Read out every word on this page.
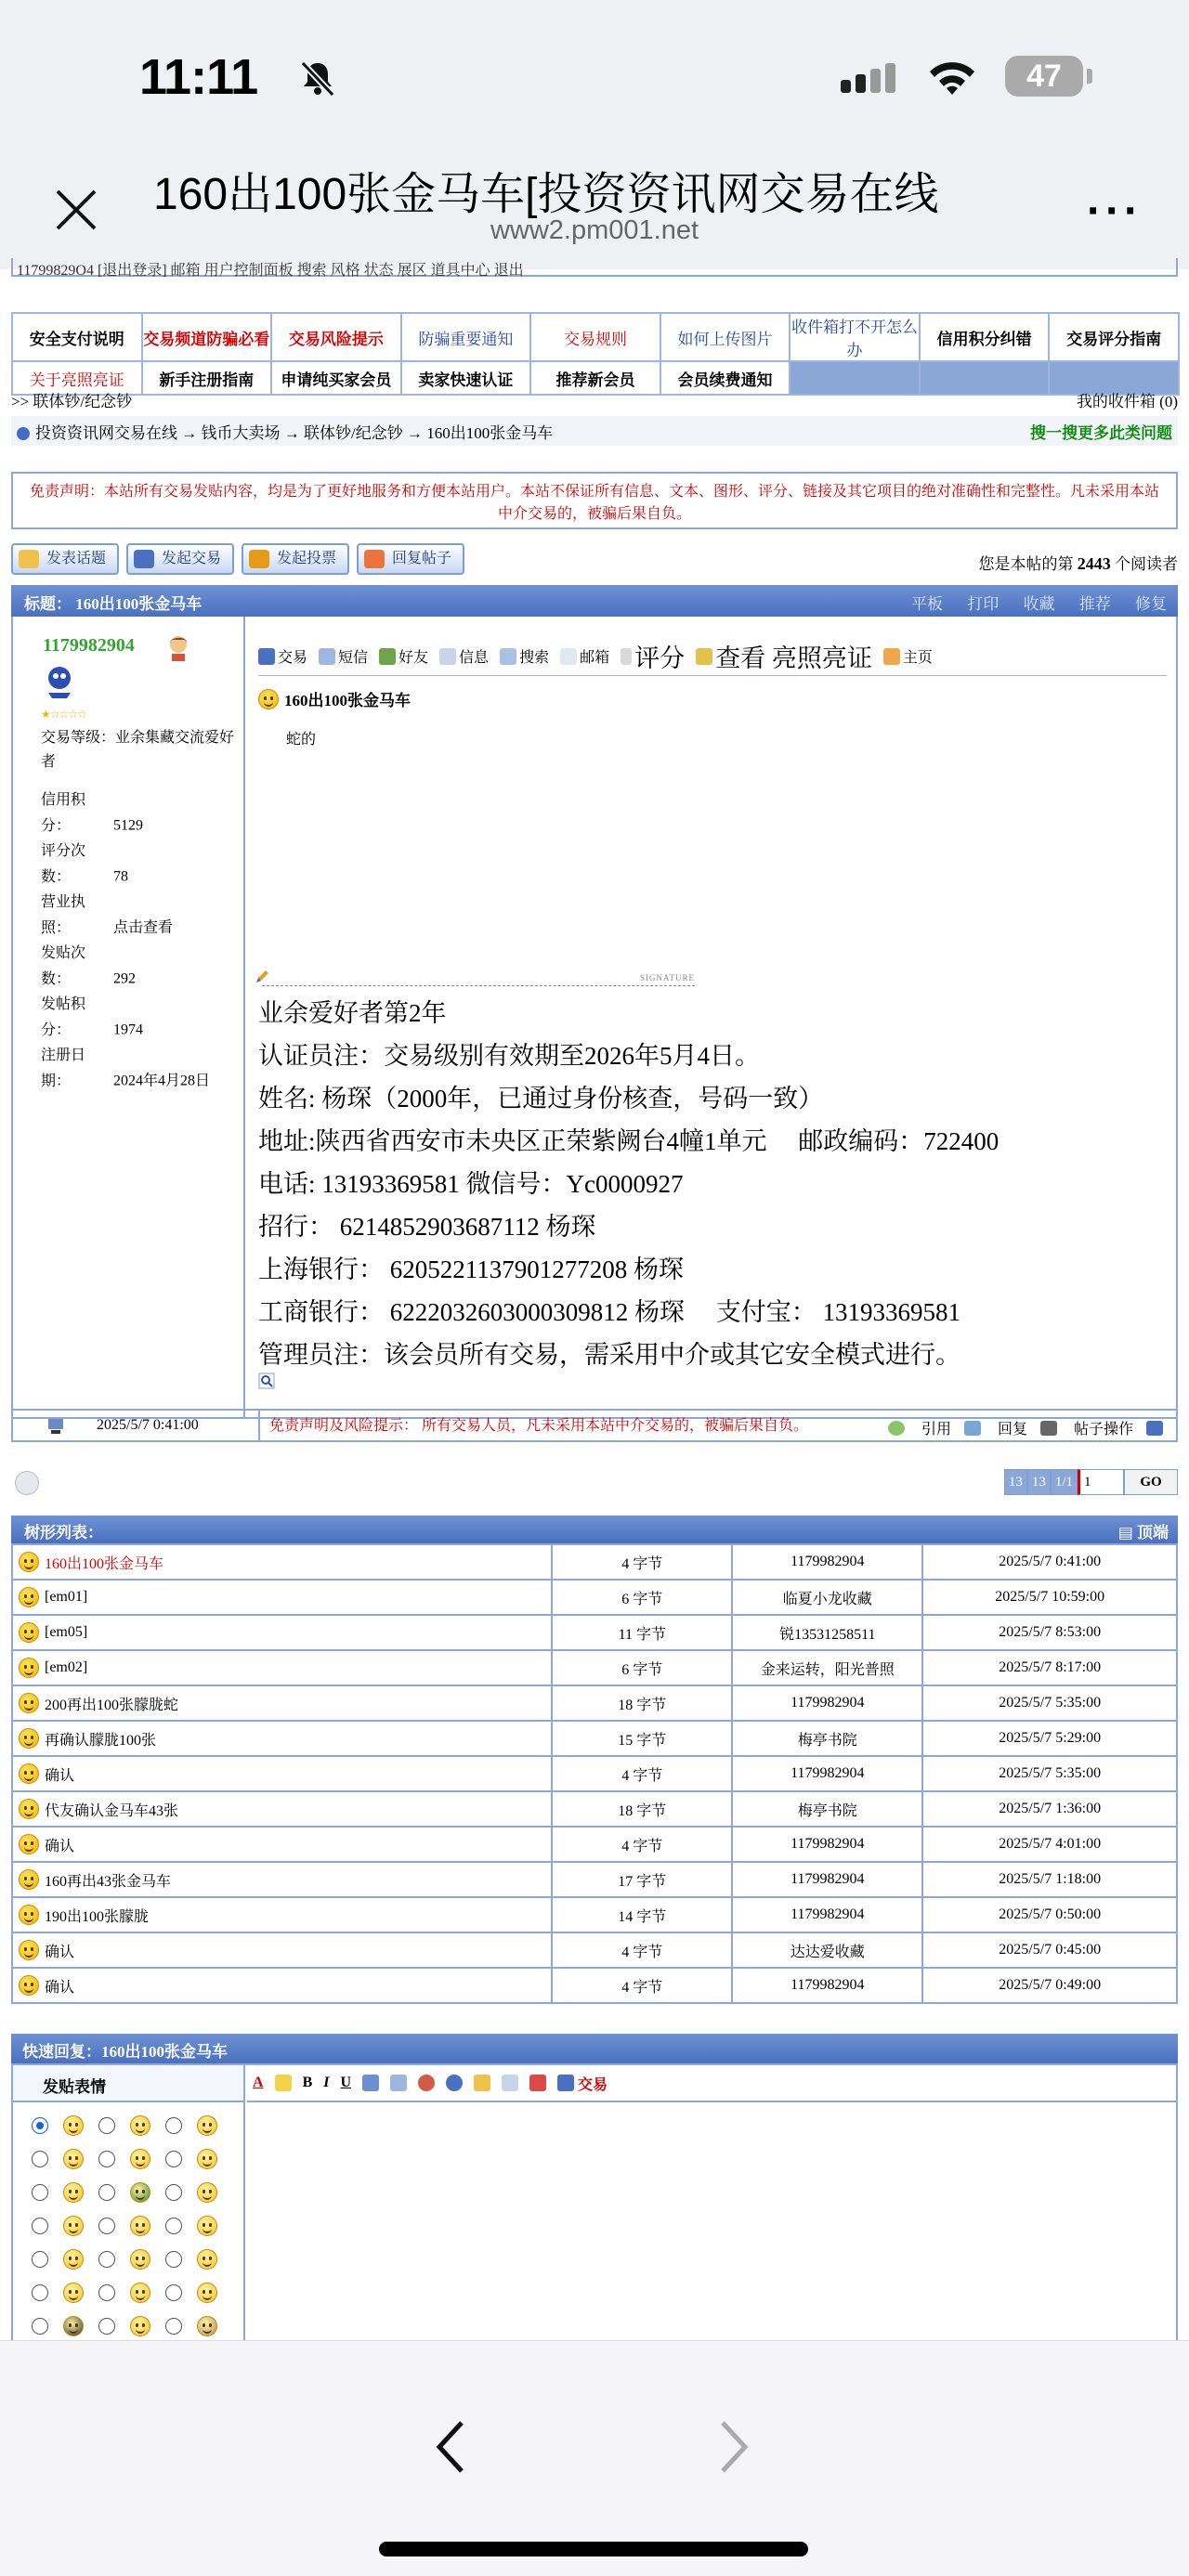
11:11	47
160出100张金马车[投资资讯网交易在线
www2.pm001.net	···
11799829O4 [退出登录] 邮箱 用户控制面板 搜索 风格 状态 展区 道具中心 退出
安全支付说明	交易频道防骗必看	交易风险提示	防骗重要通知	交易规则	如何上传图片	收件箱打不开怎么办	信用积分纠错	交易评分指南
关于亮照亮证	新手注册指南	申请纯买家会员	卖家快速认证	推荐新会员	会员续费通知			
>> 联体钞/纪念钞	我的收件箱 (0)
投资资讯网交易在线 → 钱币大卖场 → 联体钞/纪念钞 → 160出100张金马车	搜一搜更多此类问题
免责声明：本站所有交易发贴内容，均是为了更好地服务和方便本站用户。本站不保证所有信息、文本、图形、评分、链接及其它项目的绝对准确性和完整性。凡未采用本站中介交易的，被骗后果自负。
发表话题	发起交易	发起投票	回复帖子	您是本帖的第 2443 个阅读者
标题： 160出100张金马车	平板 打印 收藏 推荐 修复
1179982904
★☆☆☆☆
交易等级：业余集藏交流爱好者
信用积分：	5129
评分次数：	78
营业执照：	点击查看
发贴次数：	292
发帖积分：	1974
注册日期：	2024年4月28日
交易 短信 好友 信息 搜索 邮箱 评分 查看 亮照亮证 主页
160出100张金马车
蛇的
SIGNATURE
业余爱好者第2年
认证员注：交易级别有效期至2026年5月4日。
姓名: 杨琛（2000年，已通过身份核查，号码一致）
地址:陕西省西安市未央区正荣紫阙台4幢1单元　 邮政编码：722400
电话: 13193369581 微信号：Yc0000927
招行： 6214852903687112 杨琛
上海银行： 6205221137901277208 杨琛
工商银行： 6222032603000309812 杨琛　 支付宝： 13193369581
管理员注：该会员所有交易，需采用中介或其它安全模式进行。
2025/5/7 0:41:00	免责声明及风险提示： 所有交易人员，凡未采用本站中介交易的，被骗后果自负。	引用	回复	帖子操作
13 13 1/1 1	GO
树形列表：	▤ 顶端
160出100张金马车	4 字节	1179982904	2025/5/7 0:41:00

[em01]	6 字节	临夏小龙收藏	2025/5/7 10:59:00

[em05]	11 字节	锐13531258511	2025/5/7 8:53:00

[em02]	6 字节	金来运转，阳光普照	2025/5/7 8:17:00

200再出100张朦胧蛇	18 字节	1179982904	2025/5/7 5:35:00

再确认朦胧100张	15 字节	梅亭书院	2025/5/7 5:29:00

确认	4 字节	1179982904	2025/5/7 5:35:00

代友确认金马车43张	18 字节	梅亭书院	2025/5/7 1:36:00

确认	4 字节	1179982904	2025/5/7 4:01:00

160再出43张金马车	17 字节	1179982904	2025/5/7 1:18:00

190出100张朦胧	14 字节	1179982904	2025/5/7 0:50:00

确认	4 字节	达达爱收藏	2025/5/7 0:45:00

确认	4 字节	1179982904	2025/5/7 0:49:00
快速回复：160出100张金马车
发贴表情	A	B I U	交易
